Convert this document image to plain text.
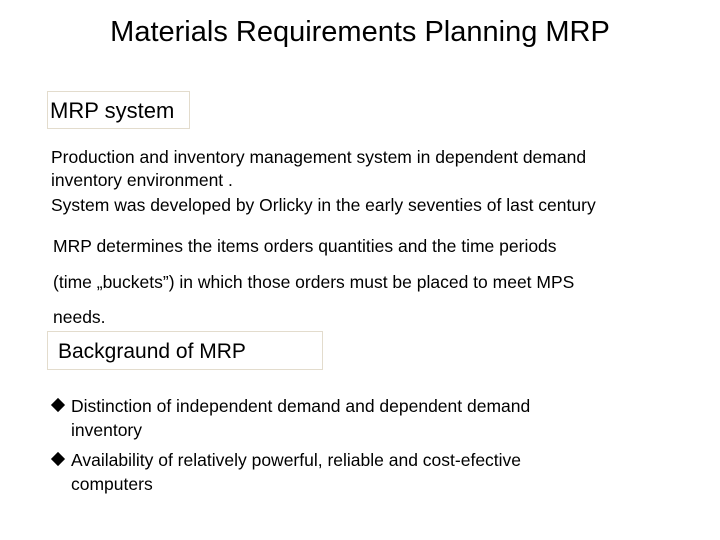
Materials Requirements Planning MRP
MRP system
Production and inventory management system in dependent demand
inventory environment .
System was developed by Orlicky in the early seventies of last century
MRP determines the items orders quantities and the time periods
(time „buckets”) in which those orders must be placed to meet MPS
needs.
Backgraund of MRP
Distinction of independent demand and dependent demand
inventory
Availability of relatively powerful, reliable and cost-efective
computers
